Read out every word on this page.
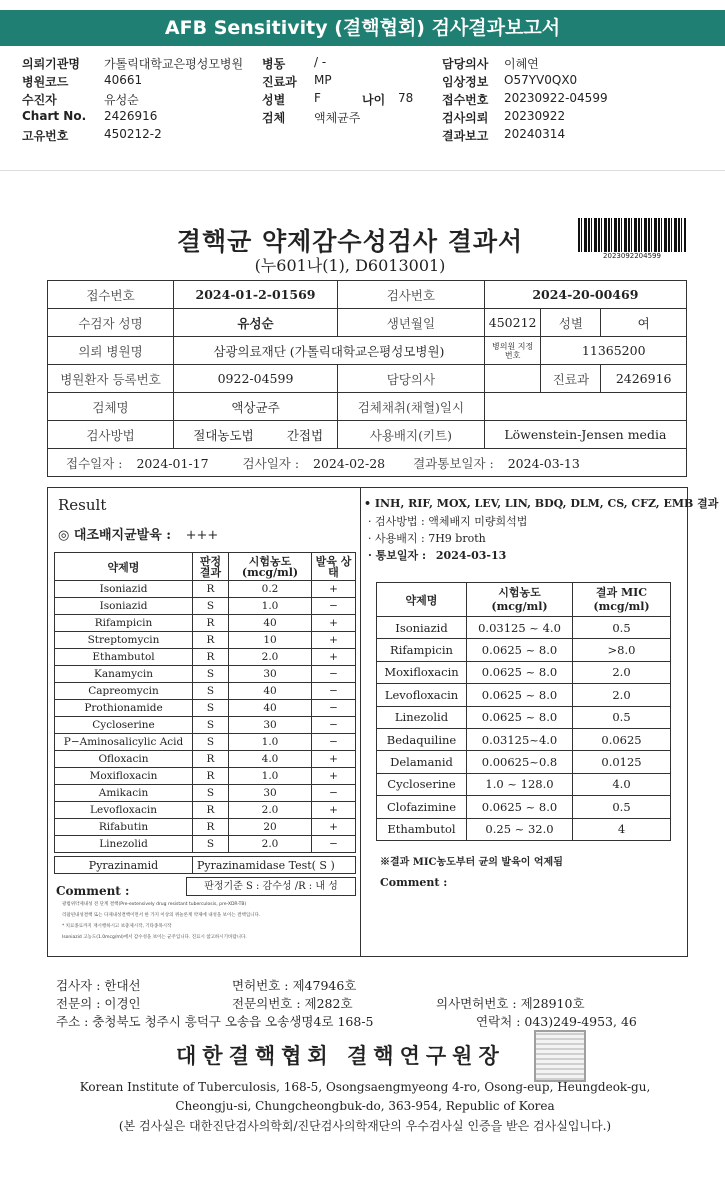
AFB Sensitivity (결핵협회) 검사결과보고서
의뢰기관명 가톨릭대학교은평성모병원 병동 / -	담당의사 이혜연
병원코드	40661	진료과 MP	임상정보 O57YV0QX0
수진자	유성순	성별 F	나이 78 접수번호 20230922-04599
Chart No. 2426916	검체 액체균주	검사의뢰 20230922
고유번호	450212-2	결과보고 20240314
결핵균 약제감수성검사 결과서
(누601나(1), D6013001)	2023092204599
접수번호	2024-01-2-01569		검사번호	2024-20-00469		
수검자 성명	유성순		생년월일	450212	성별	여
의뢰 병원명	삼광의료재단 (가톨릭대학교은평성모병원)			병의원 지정번호	11365200	
병원환자 등록번호	0922-04599		담당의사		진료과	2426916
검체명	액상균주		검체채취(채혈)일시			
검사방법	절대농도법	간접법	사용배지(키트)	Löwenstein-Jensen media		
접수일자 : 2024-01-17 검사일자 : 2024-02-28 결과통보일자 : 2024-03-13						
Result
◎ 대조배지균발육 : +++
약제명	판정 결과	시험농도 (mcg/ml)	발육 상태
Isoniazid	R	0.2	+
Isoniazid	S	1.0	−
Rifampicin	R	40	+
Streptomycin	R	10	+
Ethambutol	R	2.0	+
Kanamycin	S	30	−
Capreomycin	S	40	−
Prothionamide	S	40	−
Cycloserine	S	30	−
P−Aminosalicylic Acid	S	1.0	−
Ofloxacin	R	4.0	+
Moxifloxacin	R	1.0	+
Amikacin	S	30	−
Levofloxacin	R	2.0	+
Rifabutin	R	20	+
Linezolid	S	2.0	−
Pyrazinamid	Pyrazinamidase Test( S )
Comment :	판정기준 S : 감수성 /R : 내 성
광범위약제내성 전 단계 결핵(Pre-extensively drug resistant tuberculosis, pre-XDR-TB)
리팜핀내성결핵 또는 다제내성결핵이면서 한 가지 이상의 퀴놀론계 약제에 내성을 보이는 결핵입니다.
* 치료종료까지 재시행하시고 보충제시작, 기타종목시작
Isoniazid 고농도(1.0mcg/ml)에서 감수성을 보이는 균주입니다. 진료시 참고하시기바랍니다.
• INH, RIF, MOX, LEV, LIN, BDQ, DLM, CS, CFZ, EMB 결과
· 검사방법 : 액체배지 미량희석법
· 사용배지 : 7H9 broth
· 통보일자 : 2024-03-13
약제명	시험농도 (mcg/ml)	결과 MIC (mcg/ml)
Isoniazid	0.03125 ~ 4.0	0.5
Rifampicin	0.0625 ~ 8.0	>8.0
Moxifloxacin	0.0625 ~ 8.0	2.0
Levofloxacin	0.0625 ~ 8.0	2.0
Linezolid	0.0625 ~ 8.0	0.5
Bedaquiline	0.03125~4.0	0.0625
Delamanid	0.00625~0.8	0.0125
Cycloserine	1.0 ~ 128.0	4.0
Clofazimine	0.0625 ~ 8.0	0.5
Ethambutol	0.25 ~ 32.0	4
※결과 MIC농도부터 균의 발육이 억제됨
Comment :
검사자 : 한대선	면허번호 : 제47946호
전문의 : 이경인	전문의번호 : 제282호	의사면허번호 : 제28910호
주소 : 충청북도 청주시 흥덕구 오송읍 오송생명4로 168-5	연락처 : 043)249-4953, 46
대한결핵협회 결핵연구원장
Korean Institute of Tuberculosis, 168-5, Osongsaengmyeong 4-ro, Osong-eup, Heungdeok-gu,
Cheongju-si, Chungcheongbuk-do, 363-954, Republic of Korea
(본 검사실은 대한진단검사의학회/진단검사의학재단의 우수검사실 인증을 받은 검사실입니다.)
